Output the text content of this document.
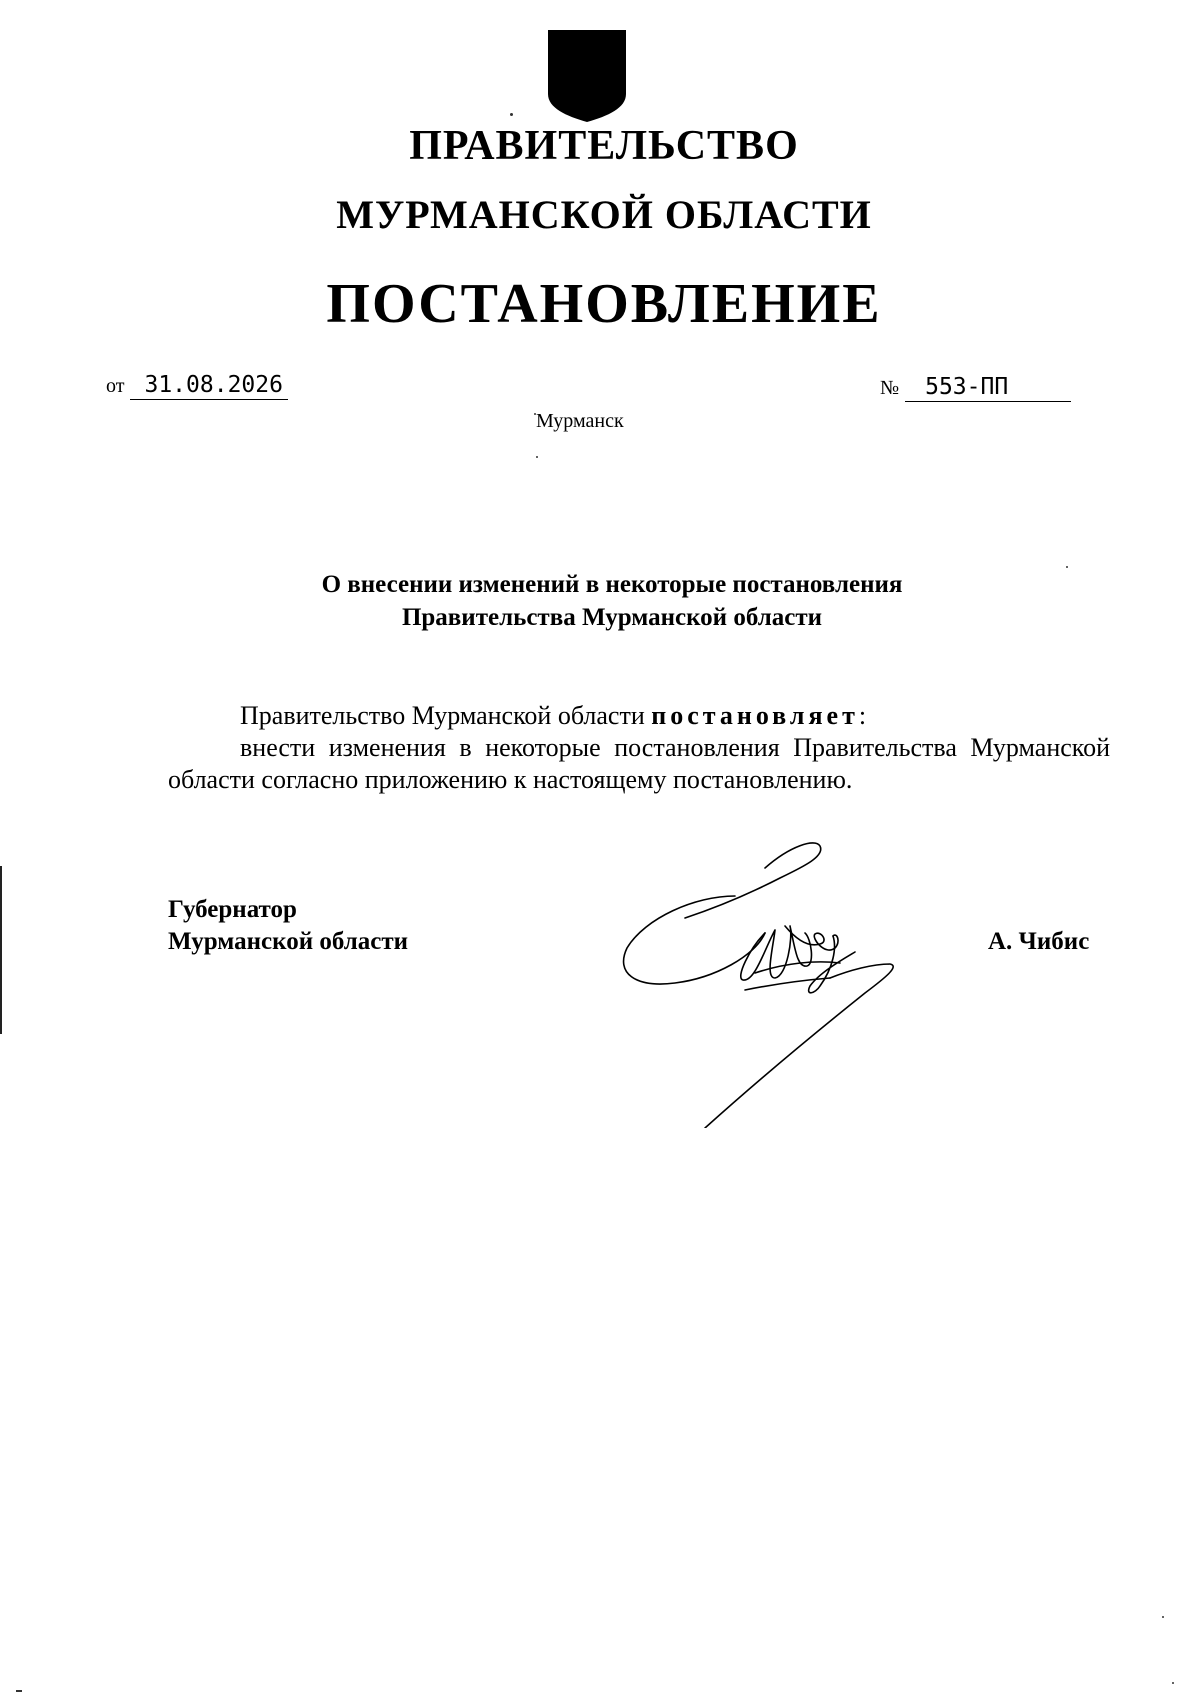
ПРАВИТЕЛЬСТВО
МУРМАНСКОЙ ОБЛАСТИ
ПОСТАНОВЛЕНИЕ
от 31.08.2026	№	553-ПП
Мурманск
О внесении изменений в некоторые постановления
Правительства Мурманской области
Правительство Мурманской области постановляет:
внести изменения в некоторые постановления Правительства Мурманской области согласно приложению к настоящему постановлению.
Губернатор
Мурманской области	А. Чибис
